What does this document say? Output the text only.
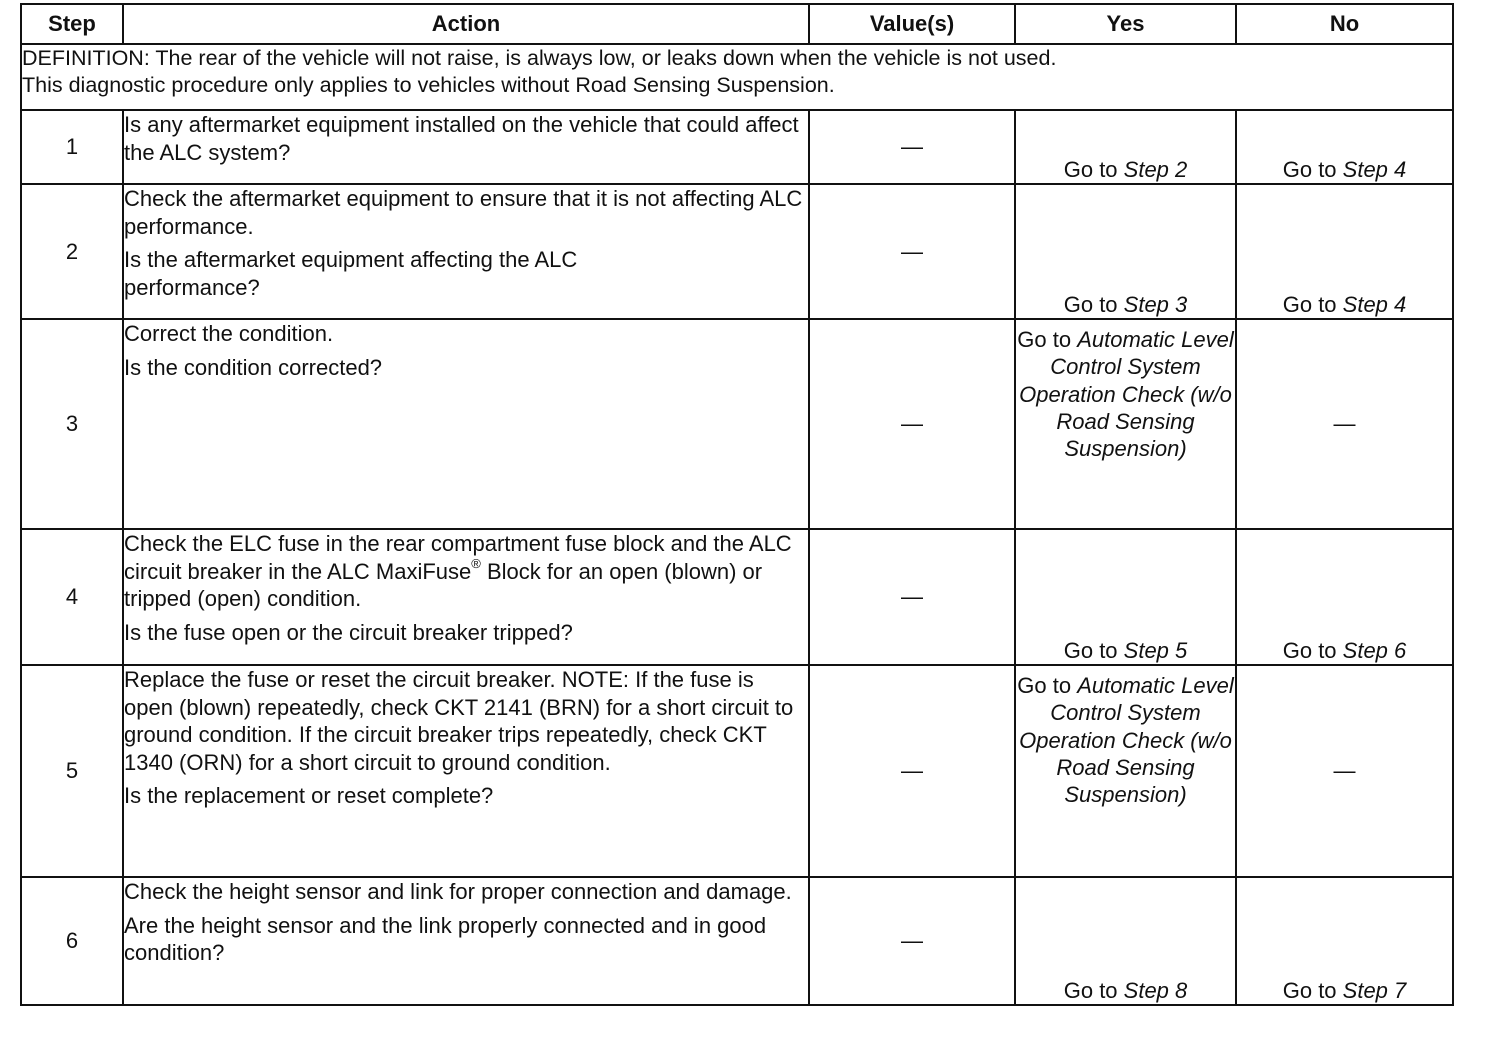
Step	Action	Value(s)	Yes	No

DEFINITION: The rear of the vehicle will not raise, is always low, or leaks down when the vehicle is not used.
This diagnostic procedure only applies to vehicles without Road Sensing Suspension.				

1	Is any aftermarket equipment installed on the vehicle that could affect the ALC system?	—	Go to Step 2	Go to Step 4
2	Check the aftermarket equipment to ensure that it is not affecting ALC performance.

Is the aftermarket equipment affecting the ALC performance?	—	Go to Step 3	Go to Step 4
3	Correct the condition.

Is the condition corrected?	—	Go to Automatic Level Control System Operation Check (w/o Road Sensing Suspension)	—
4	Check the ELC fuse in the rear compartment fuse block and the ALC circuit breaker in the ALC MaxiFuse® Block for an open (blown) or tripped (open) condition.

Is the fuse open or the circuit breaker tripped?	—	Go to Step 5	Go to Step 6
5	Replace the fuse or reset the circuit breaker. NOTE: If the fuse is open (blown) repeatedly, check CKT 2141 (BRN) for a short circuit to ground condition. If the circuit breaker trips repeatedly, check CKT 1340 (ORN) for a short circuit to ground condition.

Is the replacement or reset complete?	—	Go to Automatic Level Control System Operation Check (w/o Road Sensing Suspension)	—
6	Check the height sensor and link for proper connection and damage.

Are the height sensor and the link properly connected and in good condition?	—	Go to Step 8	Go to Step 7
